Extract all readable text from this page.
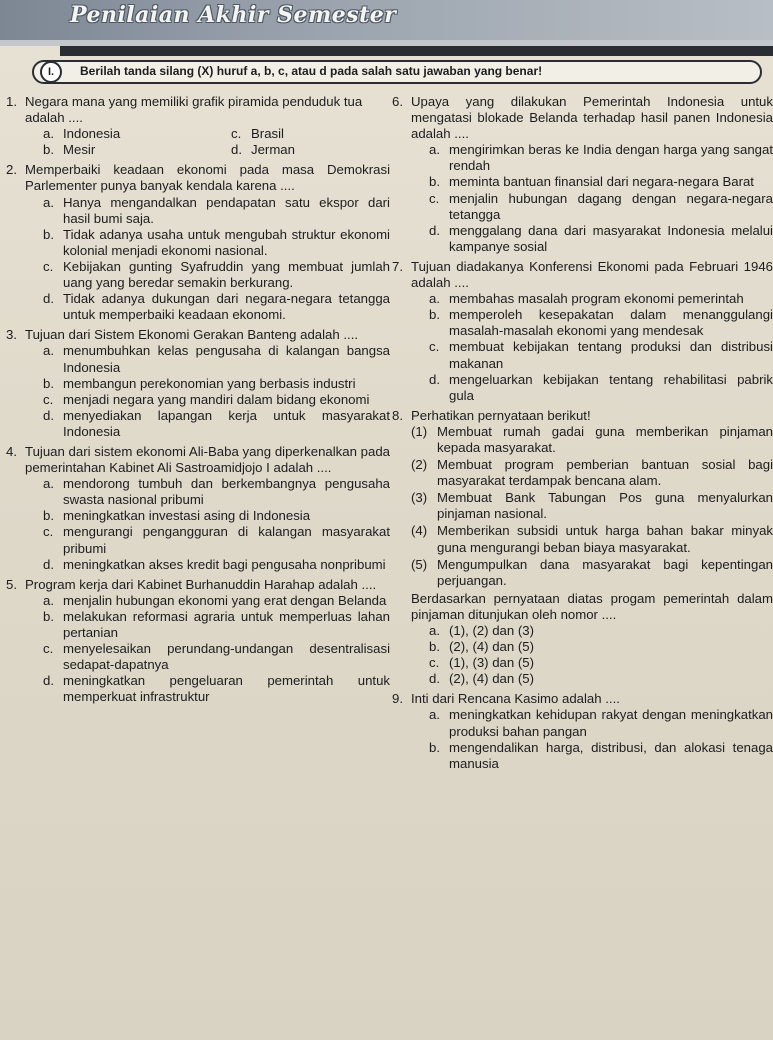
Penilaian Akhir Semester
I.	Berilah tanda silang (X) huruf a, b, c, atau d pada salah satu jawaban yang benar!
1. Negara mana yang memiliki grafik piramida penduduk tua adalah ....
a. Indonesia	c. Brasil
b. Mesir	d. Jerman
2. Memperbaiki keadaan ekonomi pada masa Demokrasi Parlementer punya banyak kendala karena ....
a. Hanya mengandalkan pendapatan satu ekspor dari hasil bumi saja.
b. Tidak adanya usaha untuk mengubah struktur ekonomi kolonial menjadi ekonomi nasional.
c. Kebijakan gunting Syafruddin yang membuat jumlah uang yang beredar semakin berkurang.
d. Tidak adanya dukungan dari negara-negara tetangga untuk memperbaiki keadaan ekonomi.
3. Tujuan dari Sistem Ekonomi Gerakan Banteng adalah ....
a. menumbuhkan kelas pengusaha di kalangan bangsa Indonesia
b. membangun perekonomian yang berbasis industri
c. menjadi negara yang mandiri dalam bidang ekonomi
d. menyediakan lapangan kerja untuk masyarakat Indonesia
4. Tujuan dari sistem ekonomi Ali-Baba yang diperkenalkan pada pemerintahan Kabinet Ali Sastroamidjojo I adalah ....
a. mendorong tumbuh dan berkembangnya pengusaha swasta nasional pribumi
b. meningkatkan investasi asing di Indonesia
c. mengurangi pengangguran di kalangan masyarakat pribumi
d. meningkatkan akses kredit bagi pengusaha nonpribumi
5. Program kerja dari Kabinet Burhanuddin Harahap adalah ....
a. menjalin hubungan ekonomi yang erat dengan Belanda
b. melakukan reformasi agraria untuk memperluas lahan pertanian
c. menyelesaikan perundang-undangan desentralisasi sedapat-dapatnya
d. meningkatkan pengeluaran pemerintah untuk memperkuat infrastruktur
6. Upaya yang dilakukan Pemerintah Indonesia untuk mengatasi blokade Belanda terhadap hasil panen Indonesia adalah ....
a. mengirimkan beras ke India dengan harga yang sangat rendah
b. meminta bantuan finansial dari negara-negara Barat
c. menjalin hubungan dagang dengan negara-negara tetangga
d. menggalang dana dari masyarakat Indonesia melalui kampanye sosial
7. Tujuan diadakanya Konferensi Ekonomi pada Februari 1946 adalah ....
a. membahas masalah program ekonomi pemerintah
b. memperoleh kesepakatan dalam menanggulangi masalah-masalah ekonomi yang mendesak
c. membuat kebijakan tentang produksi dan distribusi makanan
d. mengeluarkan kebijakan tentang rehabilitasi pabrik gula
8. Perhatikan pernyataan berikut!
(1) Membuat rumah gadai guna memberikan pinjaman kepada masyarakat.
(2) Membuat program pemberian bantuan sosial bagi masyarakat terdampak bencana alam.
(3) Membuat Bank Tabungan Pos guna menyalurkan pinjaman nasional.
(4) Memberikan subsidi untuk harga bahan bakar minyak guna mengurangi beban biaya masyarakat.
(5) Mengumpulkan dana masyarakat bagi kepentingan perjuangan.
Berdasarkan pernyataan diatas progam pemerintah dalam pinjaman ditunjukan oleh nomor ....
a. (1), (2) dan (3)
b. (2), (4) dan (5)
c. (1), (3) dan (5)
d. (2), (4) dan (5)
9. Inti dari Rencana Kasimo adalah ....
a. meningkatkan kehidupan rakyat dengan meningkatkan produksi bahan pangan
b. mengendalikan harga, distribusi, dan alokasi tenaga manusia
